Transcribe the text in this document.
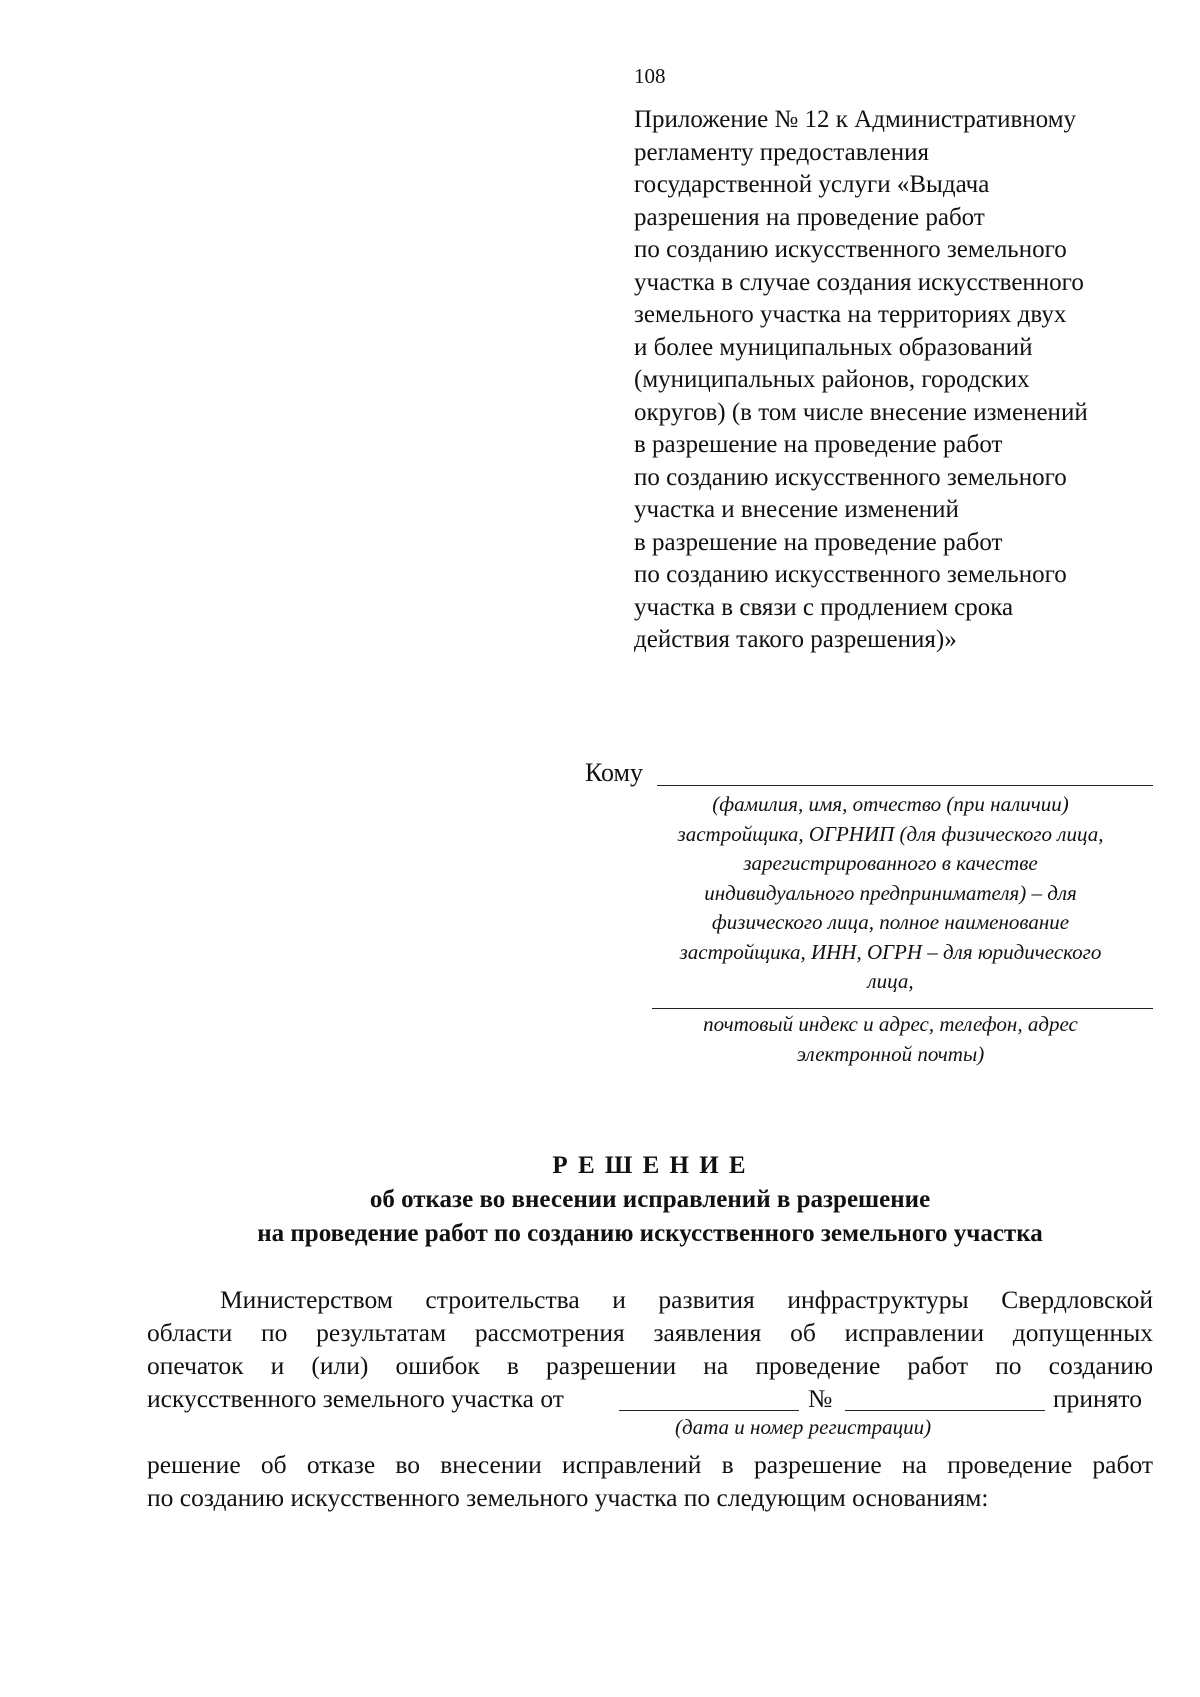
108
Приложение № 12 к Административному
регламенту предоставления
государственной услуги «Выдача
разрешения на проведение работ
по созданию искусственного земельного
участка в случае создания искусственного
земельного участка на территориях двух
и более муниципальных образований
(муниципальных районов, городских
округов) (в том числе внесение изменений
в разрешение на проведение работ
по созданию искусственного земельного
участка и внесение изменений
в разрешение на проведение работ
по созданию искусственного земельного
участка в связи с продлением срока
действия такого разрешения)»
Кому
(фамилия, имя, отчество (при наличии)
застройщика, ОГРНИП (для физического лица,
зарегистрированного в качестве
индивидуального предпринимателя) – для
физического лица, полное наименование
застройщика, ИНН, ОГРН – для юридического
лица,
почтовый индекс и адрес, телефон, адрес
электронной почты)
Р Е Ш Е Н И Е
об отказе во внесении исправлений в разрешение
на проведение работ по созданию искусственного земельного участка
Министерством строительства и развития инфраструктуры Свердловской
области по результатам рассмотрения заявления об исправлении допущенных
опечаток и (или) ошибок в разрешении на проведение работ по созданию
искусственного земельного участка от	№	принято
(дата и номер регистрации)
решение об отказе во внесении исправлений в разрешение на проведение работ
по созданию искусственного земельного участка по следующим основаниям:
